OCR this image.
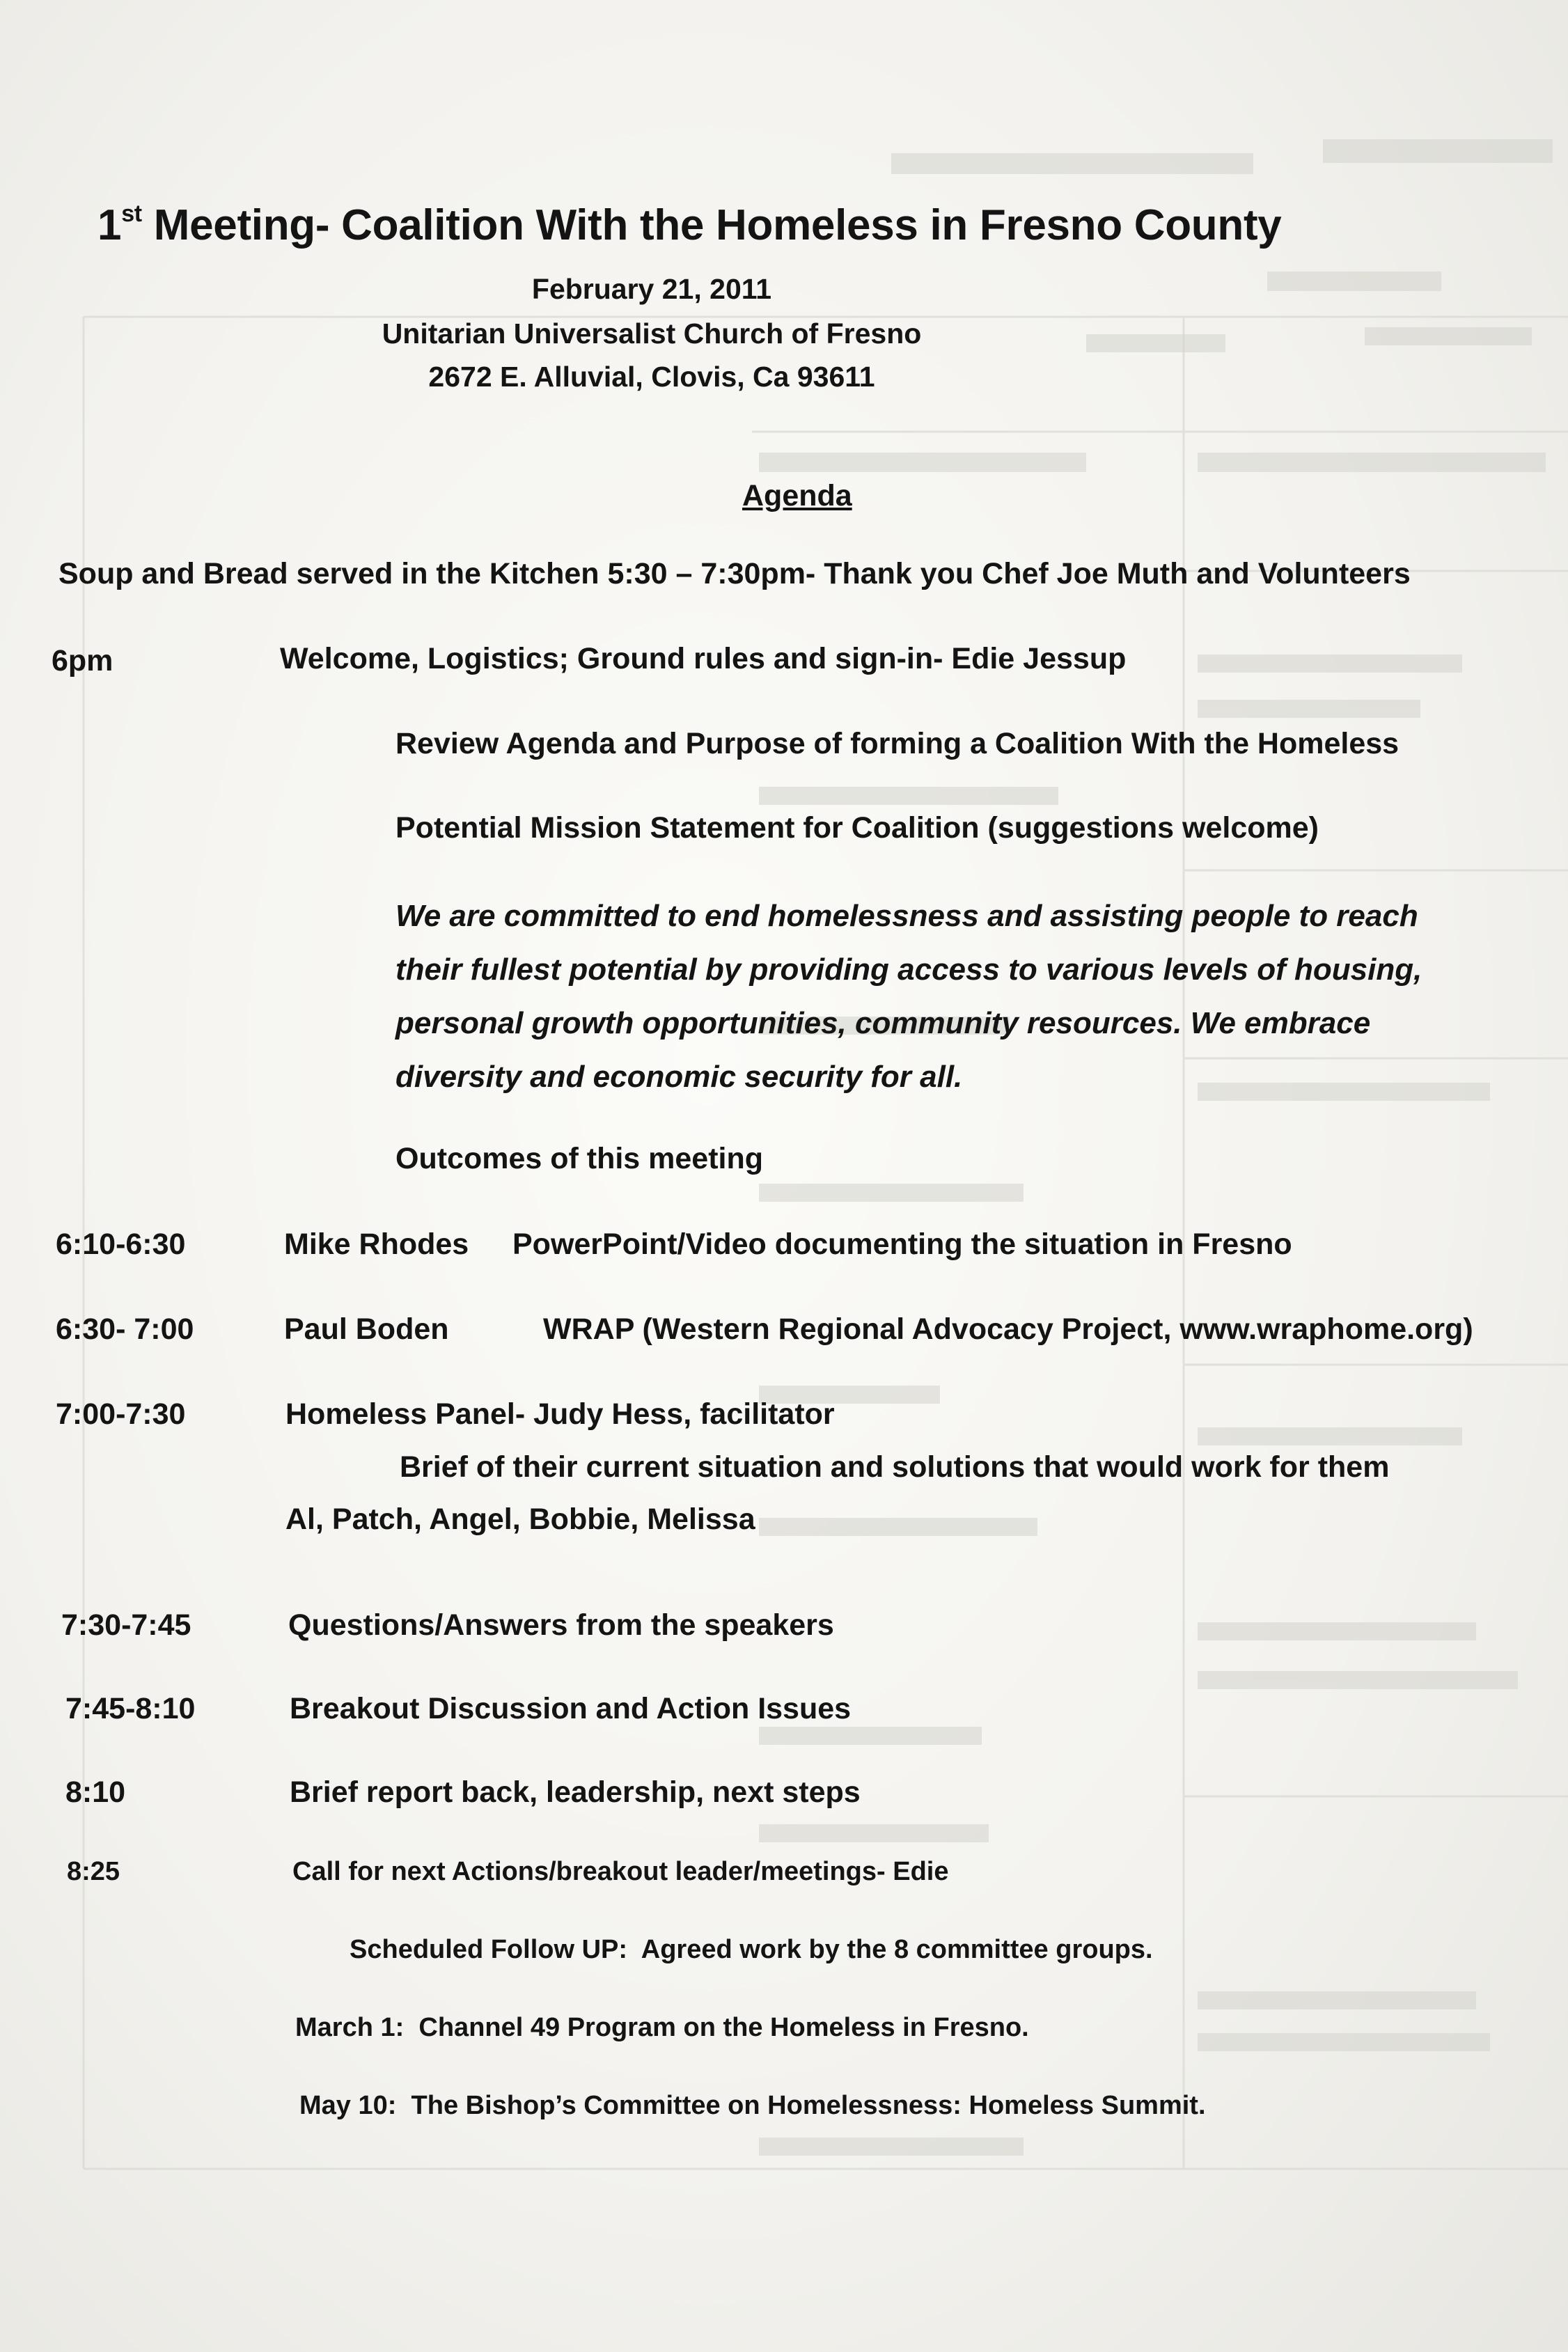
1st Meeting- Coalition With the Homeless in Fresno County
February 21, 2011
Unitarian Universalist Church of Fresno
2672 E. Alluvial, Clovis, Ca 93611
Agenda
Soup and Bread served in the Kitchen 5:30 – 7:30pm- Thank you Chef Joe Muth and Volunteers
6pm	Welcome, Logistics; Ground rules and sign-in- Edie Jessup
Review Agenda and Purpose of forming a Coalition With the Homeless
Potential Mission Statement for Coalition (suggestions welcome)
We are committed to end homelessness and assisting people to reach their fullest potential by providing access to various levels of housing, personal growth opportunities, community resources. We embrace diversity and economic security for all.
Outcomes of this meeting
6:10-6:30	Mike Rhodes PowerPoint/Video documenting the situation in Fresno
6:30- 7:00	Paul Boden	WRAP (Western Regional Advocacy Project, www.wraphome.org)
7:00-7:30	Homeless Panel- Judy Hess, facilitator
Brief of their current situation and solutions that would work for them
Al, Patch, Angel, Bobbie, Melissa
7:30-7:45	Questions/Answers from the speakers
7:45-8:10	Breakout Discussion and Action Issues
8:10	Brief report back, leadership, next steps
8:25	Call for next Actions/breakout leader/meetings- Edie
Scheduled Follow UP: Agreed work by the 8 committee groups.
March 1: Channel 49 Program on the Homeless in Fresno.
May 10: The Bishop’s Committee on Homelessness: Homeless Summit.
